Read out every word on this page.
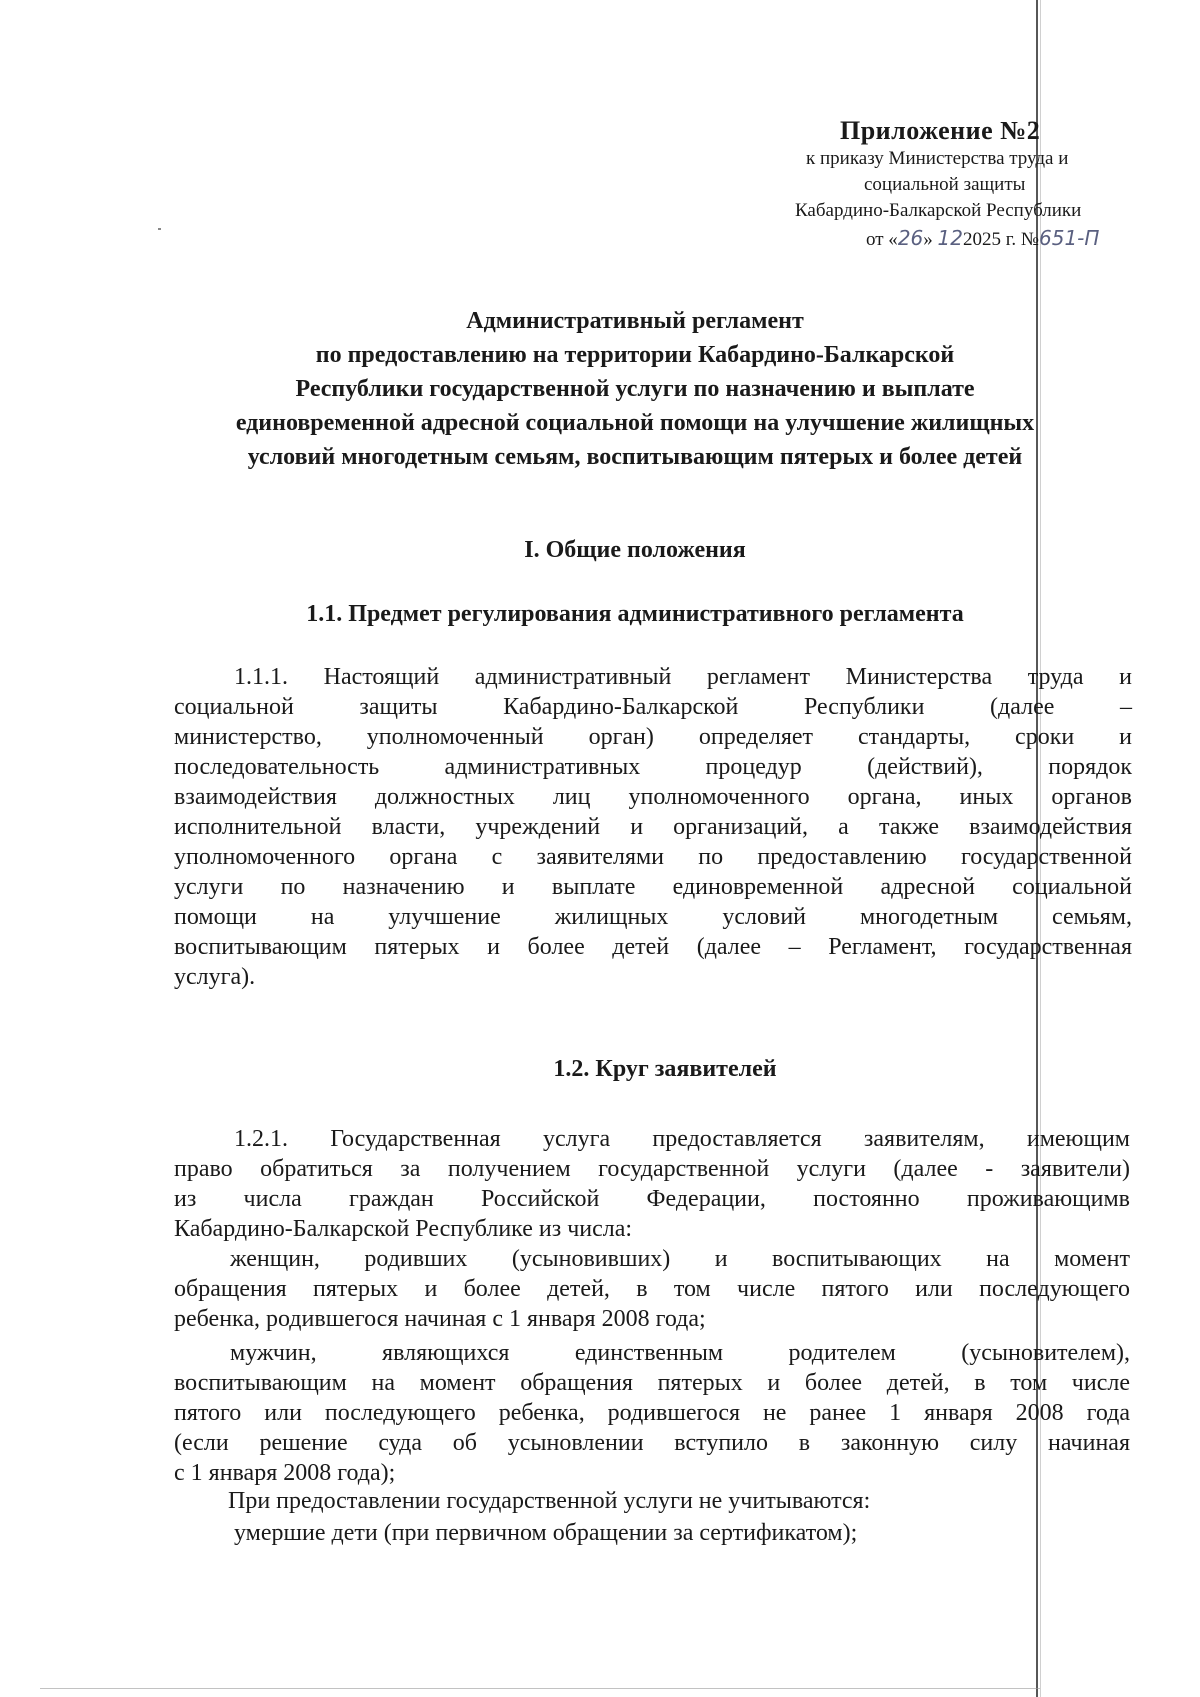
Приложение №2
к приказу Министерства труда и
социальной защиты
Кабардино-Балкарской Республики
от «26» 122025 г. №651-П
Административный регламент
по предоставлению на территории Кабардино-Балкарской
Республики государственной услуги по назначению и выплате
единовременной адресной социальной помощи на улучшение жилищных
условий многодетным семьям, воспитывающим пятерых и более детей
I. Общие положения
1.1. Предмет регулирования административного регламента
1.1.1. Настоящий административный регламент Министерства труда и
социальной защиты Кабардино-Балкарской Республики (далее –
министерство, уполномоченный орган) определяет стандарты, сроки и
последовательность административных процедур (действий), порядок
взаимодействия должностных лиц уполномоченного органа, иных органов
исполнительной власти, учреждений и организаций, а также взаимодействия
уполномоченного органа с заявителями по предоставлению государственной
услуги по назначению и выплате единовременной адресной социальной
помощи на улучшение жилищных условий многодетным семьям,
воспитывающим пятерых и более детей (далее – Регламент, государственная
услуга).
1.2. Круг заявителей
1.2.1. Государственная услуга предоставляется заявителям, имеющим
право обратиться за получением государственной услуги (далее - заявители)
из числа граждан Российской Федерации, постоянно проживающимв
Кабардино-Балкарской Республике из числа:
женщин, родивших (усыновивших) и воспитывающих на момент
обращения пятерых и более детей, в том числе пятого или последующего
ребенка, родившегося начиная с 1 января 2008 года;
мужчин, являющихся единственным родителем (усыновителем),
воспитывающим на момент обращения пятерых и более детей, в том числе
пятого или последующего ребенка, родившегося не ранее 1 января 2008 года
(если решение суда об усыновлении вступило в законную силу начиная
с 1 января 2008 года);
При предоставлении государственной услуги не учитываются:
умершие дети (при первичном обращении за сертификатом);
